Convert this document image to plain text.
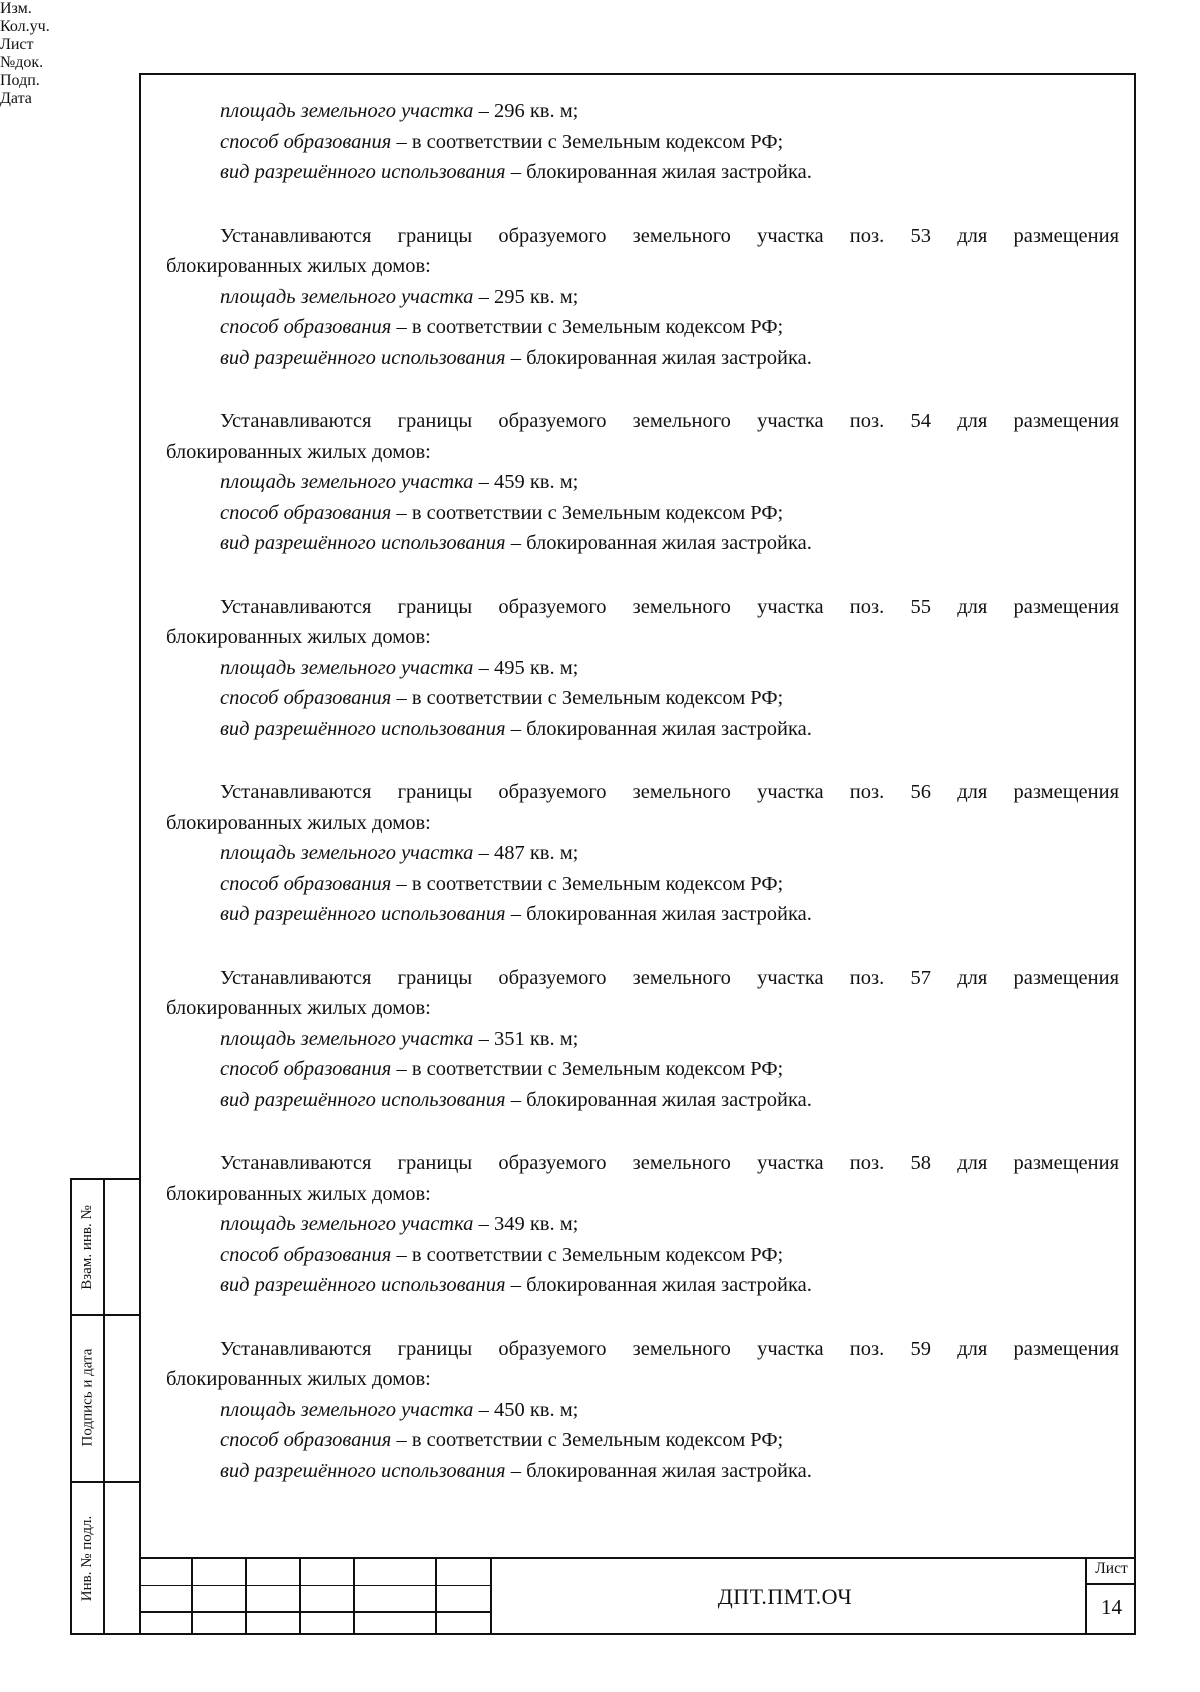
площадь земельного участка – 296 кв. м;
способ образования – в соответствии с Земельным кодексом РФ;
вид разрешённого использования – блокированная жилая застройка.
Устанавливаются границы образуемого земельного участка поз. 53 для размещения
блокированных жилых домов:
площадь земельного участка – 295 кв. м;
способ образования – в соответствии с Земельным кодексом РФ;
вид разрешённого использования – блокированная жилая застройка.
Устанавливаются границы образуемого земельного участка поз. 54 для размещения
блокированных жилых домов:
площадь земельного участка – 459 кв. м;
способ образования – в соответствии с Земельным кодексом РФ;
вид разрешённого использования – блокированная жилая застройка.
Устанавливаются границы образуемого земельного участка поз. 55 для размещения
блокированных жилых домов:
площадь земельного участка – 495 кв. м;
способ образования – в соответствии с Земельным кодексом РФ;
вид разрешённого использования – блокированная жилая застройка.
Устанавливаются границы образуемого земельного участка поз. 56 для размещения
блокированных жилых домов:
площадь земельного участка – 487 кв. м;
способ образования – в соответствии с Земельным кодексом РФ;
вид разрешённого использования – блокированная жилая застройка.
Устанавливаются границы образуемого земельного участка поз. 57 для размещения
блокированных жилых домов:
площадь земельного участка – 351 кв. м;
способ образования – в соответствии с Земельным кодексом РФ;
вид разрешённого использования – блокированная жилая застройка.
Устанавливаются границы образуемого земельного участка поз. 58 для размещения
блокированных жилых домов:
площадь земельного участка – 349 кв. м;
способ образования – в соответствии с Земельным кодексом РФ;
вид разрешённого использования – блокированная жилая застройка.
Устанавливаются границы образуемого земельного участка поз. 59 для размещения
блокированных жилых домов:
площадь земельного участка – 450 кв. м;
способ образования – в соответствии с Земельным кодексом РФ;
вид разрешённого использования – блокированная жилая застройка.
Взам. инв. №
Подпись и дата
Инв. № подл.
Изм.
Кол.уч.
Лист
№док.
Подп.
Дата
ДПТ.ПМТ.ОЧ
Лист
14
